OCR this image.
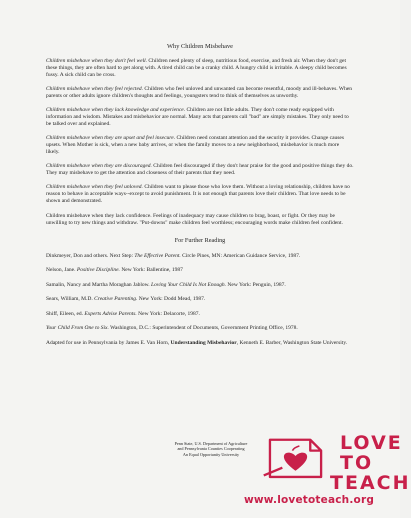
Why Children Misbehave

Children misbehave when they don't feel well. Children need plenty of sleep, nutritious food, exercise, and fresh air. When they don't get these things, they are often hard to get along with. A tired child can be a cranky child. A hungry child is irritable. A sleepy child becomes fussy. A sick child can be cross.

Children misbehave when they feel rejected. Children who feel unloved and unwanted can become resentful, moody and ill-behaves. When parents or other adults ignore children's thoughts and feelings, youngsters tend to think of themselves as unworthy.

Children misbehave when they lack knowledge and experience. Children are not little adults. They don't come ready equipped with information and wisdom. Mistakes and misbehavior are normal. Many acts that parents call "bad" are simply mistakes. They only need to be talked over and explained.

Children misbehave when they are upset and feel insecure. Children need constant attention and the security it provides. Change causes upsets. When Mother is sick, when a new baby arrives, or when the family moves to a new neighborhood, misbehavior is much more likely.

Children misbehave when they are discouraged. Children feel discouraged if they don't hear praise for the good and positive things they do. They may misbehave to get the attention and closeness of their parents that they need.

Children misbehave when they feel unloved. Children want to please those who love them. Without a loving relationship, children have no reason to behave in acceptable ways--except to avoid punishment. It is not enough that parents love their children. That love needs to be shown and demonstrated.

Children misbehave when they lack confidence. Feelings of inadequacy may cause children to brag, boast, or fight. Or they may be unwilling to try new things and withdraw. "Put-downs" make children feel worthless; encouraging words make children feel confident.

For Further Reading

Dinkmeyer, Don and others. Next Step: The Effective Parent. Circle Pines, MN: American Guidance Service, 1987.

Nelson, Jane. Positive Discipline. New York: Ballentine, 1987

Samalin, Nancy and Martha Moraghan Jablow. Loving Your Child Is Not Enough. New York: Penguin, 1987.

Sears, William, M.D. Creative Parenting. New York: Dodd Mead, 1987.

Shiff, Eileen, ed. Experts Advise Parents. New York: Delacorte, 1987.

Your Child From One to Six. Washington, D.C.: Superintendent of Documents, Government Printing Office, 1978.

Adapted for use in Pennsylvania by James E. Van Horn, Understanding Misbehavior, Kenneth E. Barber, Washington State University.

Penn State, U.S. Department of Agriculture
and Pennsylvania Counties Cooperating
An Equal Opportunity University	LOVE
TO
TEACH
www.lovetoteach.org
